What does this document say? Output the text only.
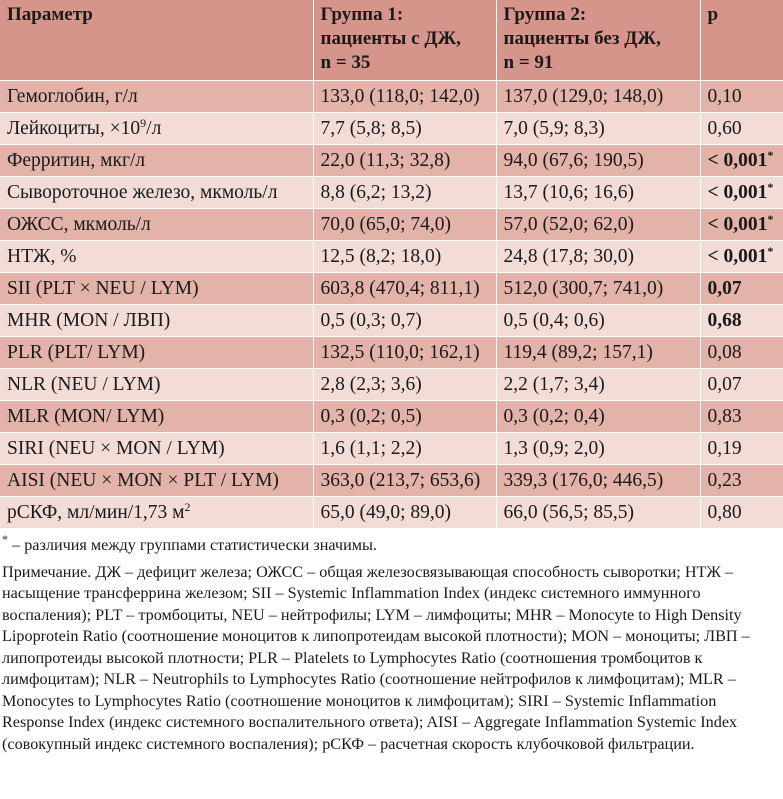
Параметр	Группа 1:
пациенты с ДЖ,
n = 35	Группа 2:
пациенты без ДЖ,
n = 91	р
Гемоглобин, г/л	133,0 (118,0; 142,0)	137,0 (129,0; 148,0)	0,10
Лейкоциты, $\times 10^9/л$	7,7 (5,8; 8,5)	7,0 (5,9; 8,3)	0,60
Ферритин, мкг/л	22,0 (11,3; 32,8)	94,0 (67,6; 190,5)	< 0,001*
Сывороточное железо, мкмоль/л	8,8 (6,2; 13,2)	13,7 (10,6; 16,6)	< 0,001*
ОЖСС, мкмоль/л	70,0 (65,0; 74,0)	57,0 (52,0; 62,0)	< 0,001*
НТЖ, %	12,5 (8,2; 18,0)	24,8 (17,8; 30,0)	< 0,001*
SII (PLT × NEU / LYM)	603,8 (470,4; 811,1)	512,0 (300,7; 741,0)	0,07
MHR (MON / ЛВП)	0,5 (0,3; 0,7)	0,5 (0,4; 0,6)	0,68
PLR (PLT/ LYM)	132,5 (110,0; 162,1)	119,4 (89,2; 157,1)	0,08
NLR (NEU / LYM)	2,8 (2,3; 3,6)	2,2 (1,7; 3,4)	0,07
MLR (MON/ LYM)	0,3 (0,2; 0,5)	0,3 (0,2; 0,4)	0,83
SIRI (NEU × MON / LYM)	1,6 (1,1; 2,2)	1,3 (0,9; 2,0)	0,19
AISI (NEU × MON × PLT / LYM)	363,0 (213,7; 653,6)	339,3 (176,0; 446,5)	0,23
рСКФ, мл/мин/1,73 $м^2$	65,0 (49,0; 89,0)	66,0 (56,5; 85,5)	0,80
* – различия между группами статистически значимы.
Примечание. ДЖ – дефицит железа; ОЖСС – общая железосвязывающая способность сыворотки; НТЖ – насыщение трансферрина железом; SII – Systemic Inflammation Index (индекс системного иммунного воспаления); PLT – тромбоциты, NEU – нейтрофилы; LYM – лимфоциты; MHR – Monocyte to High Density Lipoprotein Ratio (соотношение моноцитов к липопротеидам высокой плотности); MON – моноциты; ЛВП – липопротеиды высокой плотности; PLR – Platelets to Lymphocytes Ratio (соотношения тромбоцитов к лимфоцитам); NLR – Neutrophils to Lymphocytes Ratio (соотношение нейтрофилов к лимфоцитам); MLR – Monocytes to Lymphocytes Ratio (соотношение моноцитов к лимфоцитам); SIRI – Systemic Inflammation Response Index (индекс системного воспалительного ответа); AISI – Aggregate Inflammation Systemic Index (совокупный индекс системного воспаления); рСКФ – расчетная скорость клубочковой фильтрации.
